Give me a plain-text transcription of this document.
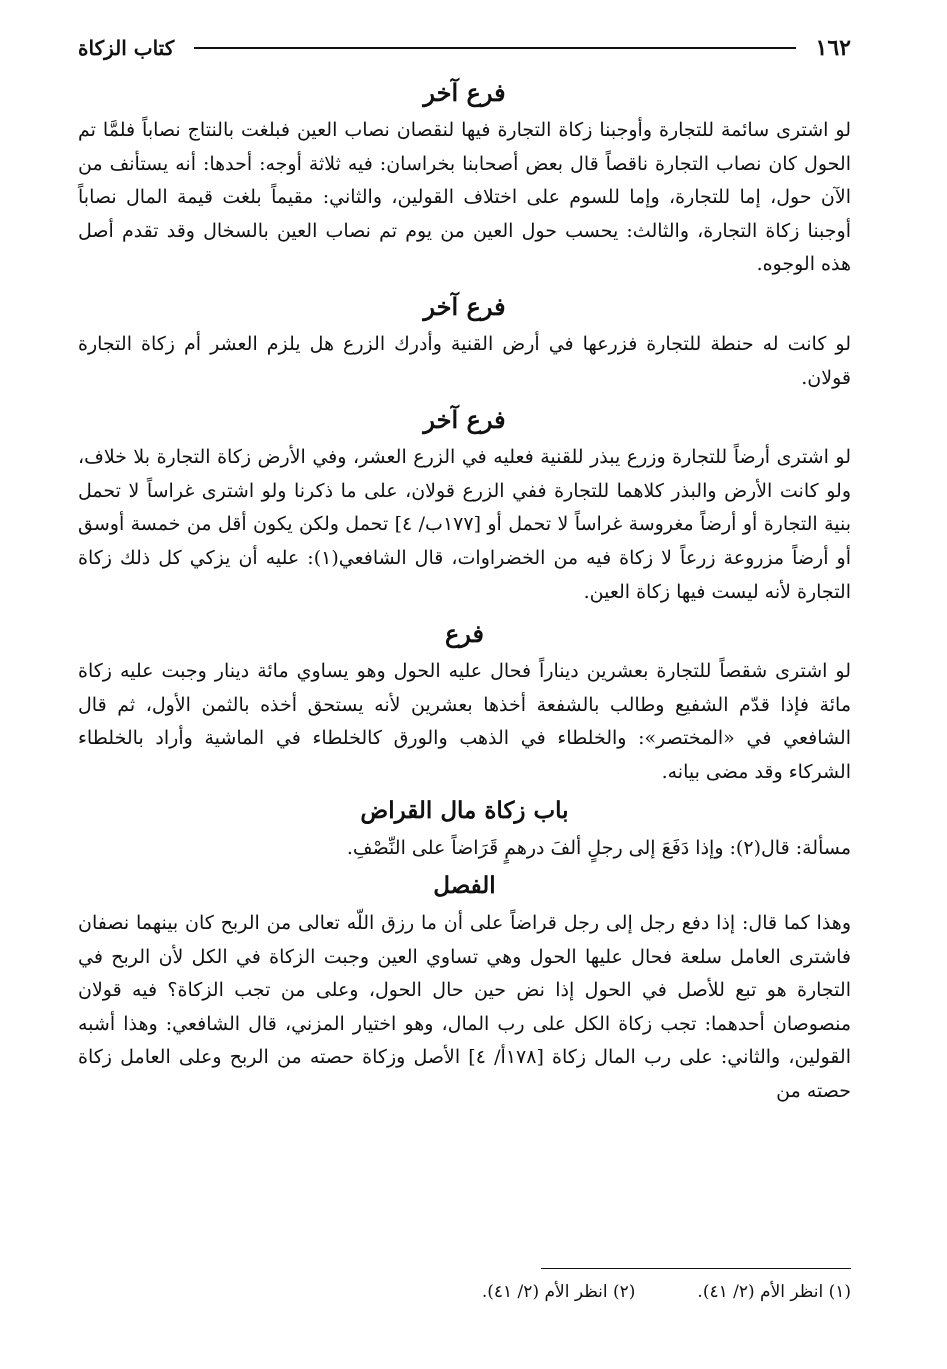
١٦٢
كتاب الزكاة
فرع آخر

لو اشترى سائمة للتجارة وأوجبنا زكاة التجارة فيها لنقصان نصاب العين فبلغت بالنتاج نصاباً فلمَّا تم الحول كان نصاب التجارة ناقصاً قال بعض أصحابنا بخراسان: فيه ثلاثة أوجه: أحدها: أنه يستأنف من الآن حول، إما للتجارة، وإما للسوم على اختلاف القولين، والثاني: مقيماً بلغت قيمة المال نصاباً أوجبنا زكاة التجارة، والثالث: يحسب حول العين من يوم تم نصاب العين بالسخال وقد تقدم أصل هذه الوجوه.

فرع آخر

لو كانت له حنطة للتجارة فزرعها في أرض القنية وأدرك الزرع هل يلزم العشر أم زكاة التجارة قولان.

فرع آخر

لو اشترى أرضاً للتجارة وزرع يبذر للقنية فعليه في الزرع العشر، وفي الأرض زكاة التجارة بلا خلاف، ولو كانت الأرض والبذر كلاهما للتجارة ففي الزرع قولان، على ما ذكرنا ولو اشترى غراساً لا تحمل بنية التجارة أو أرضاً مغروسة غراساً لا تحمل أو [١٧٧ب/ ٤] تحمل ولكن يكون أقل من خمسة أوسق أو أرضاً مزروعة زرعاً لا زكاة فيه من الخضراوات، قال الشافعي(١): عليه أن يزكي كل ذلك زكاة التجارة لأنه ليست فيها زكاة العين.

فرع

لو اشترى شقصاً للتجارة بعشرين ديناراً فحال عليه الحول وهو يساوي مائة دينار وجبت عليه زكاة مائة فإذا قدّم الشفيع وطالب بالشفعة أخذها بعشرين لأنه يستحق أخذه بالثمن الأول، ثم قال الشافعي في «المختصر»: والخلطاء في الذهب والورق كالخلطاء في الماشية وأراد بالخلطاء الشركاء وقد مضى بيانه.

باب زكاة مال القراض

مسألة: قال(٢): وإذا دَفَعَ إلى رجلٍ ألفَ درهمٍ قَرَاضاً على النِّصْفِ.

الفصل

وهذا كما قال: إذا دفع رجل إلى رجل قراضاً على أن ما رزق اللّه تعالى من الربح كان بينهما نصفان فاشترى العامل سلعة فحال عليها الحول وهي تساوي العين وجبت الزكاة في الكل لأن الربح في التجارة هو تبع للأصل في الحول إذا نض حين حال الحول، وعلى من تجب الزكاة؟ فيه قولان منصوصان أحدهما: تجب زكاة الكل على رب المال، وهو اختيار المزني، قال الشافعي: وهذا أشبه القولين، والثاني: على رب المال زكاة [١٧٨أ/ ٤] الأصل وزكاة حصته من الربح وعلى العامل زكاة حصته من

(١) انظر الأم (٢/ ٤١).
(٢) انظر الأم (٢/ ٤١).
